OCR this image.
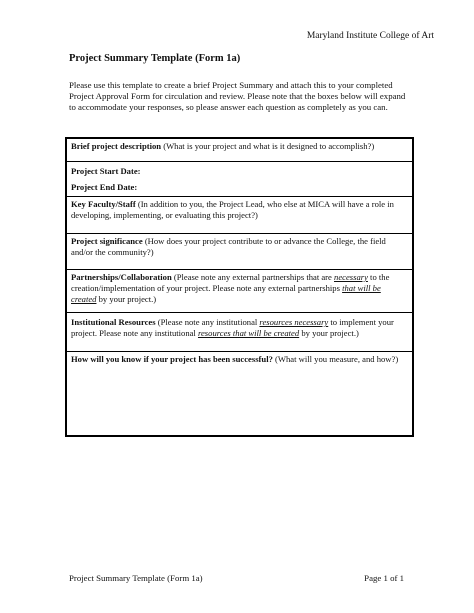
Maryland Institute College of Art
Project Summary Template (Form 1a)
Please use this template to create a brief Project Summary and attach this to your completed Project Approval Form for circulation and review. Please note that the boxes below will expand to accommodate your responses, so please answer each question as completely as you can.
Brief project description (What is your project and what is it designed to accomplish?)
Project Start Date:
Project End Date:
Key Faculty/Staff (In addition to you, the Project Lead, who else at MICA will have a role in developing, implementing, or evaluating this project?)
Project significance (How does your project contribute to or advance the College, the field and/or the community?)
Partnerships/Collaboration (Please note any external partnerships that are necessary to the creation/implementation of your project. Please note any external partnerships that will be created by your project.)
Institutional Resources (Please note any institutional resources necessary to implement your project. Please note any institutional resources that will be created by your project.)
How will you know if your project has been successful? (What will you measure, and how?)
Project Summary Template (Form 1a)	Page 1 of 1
